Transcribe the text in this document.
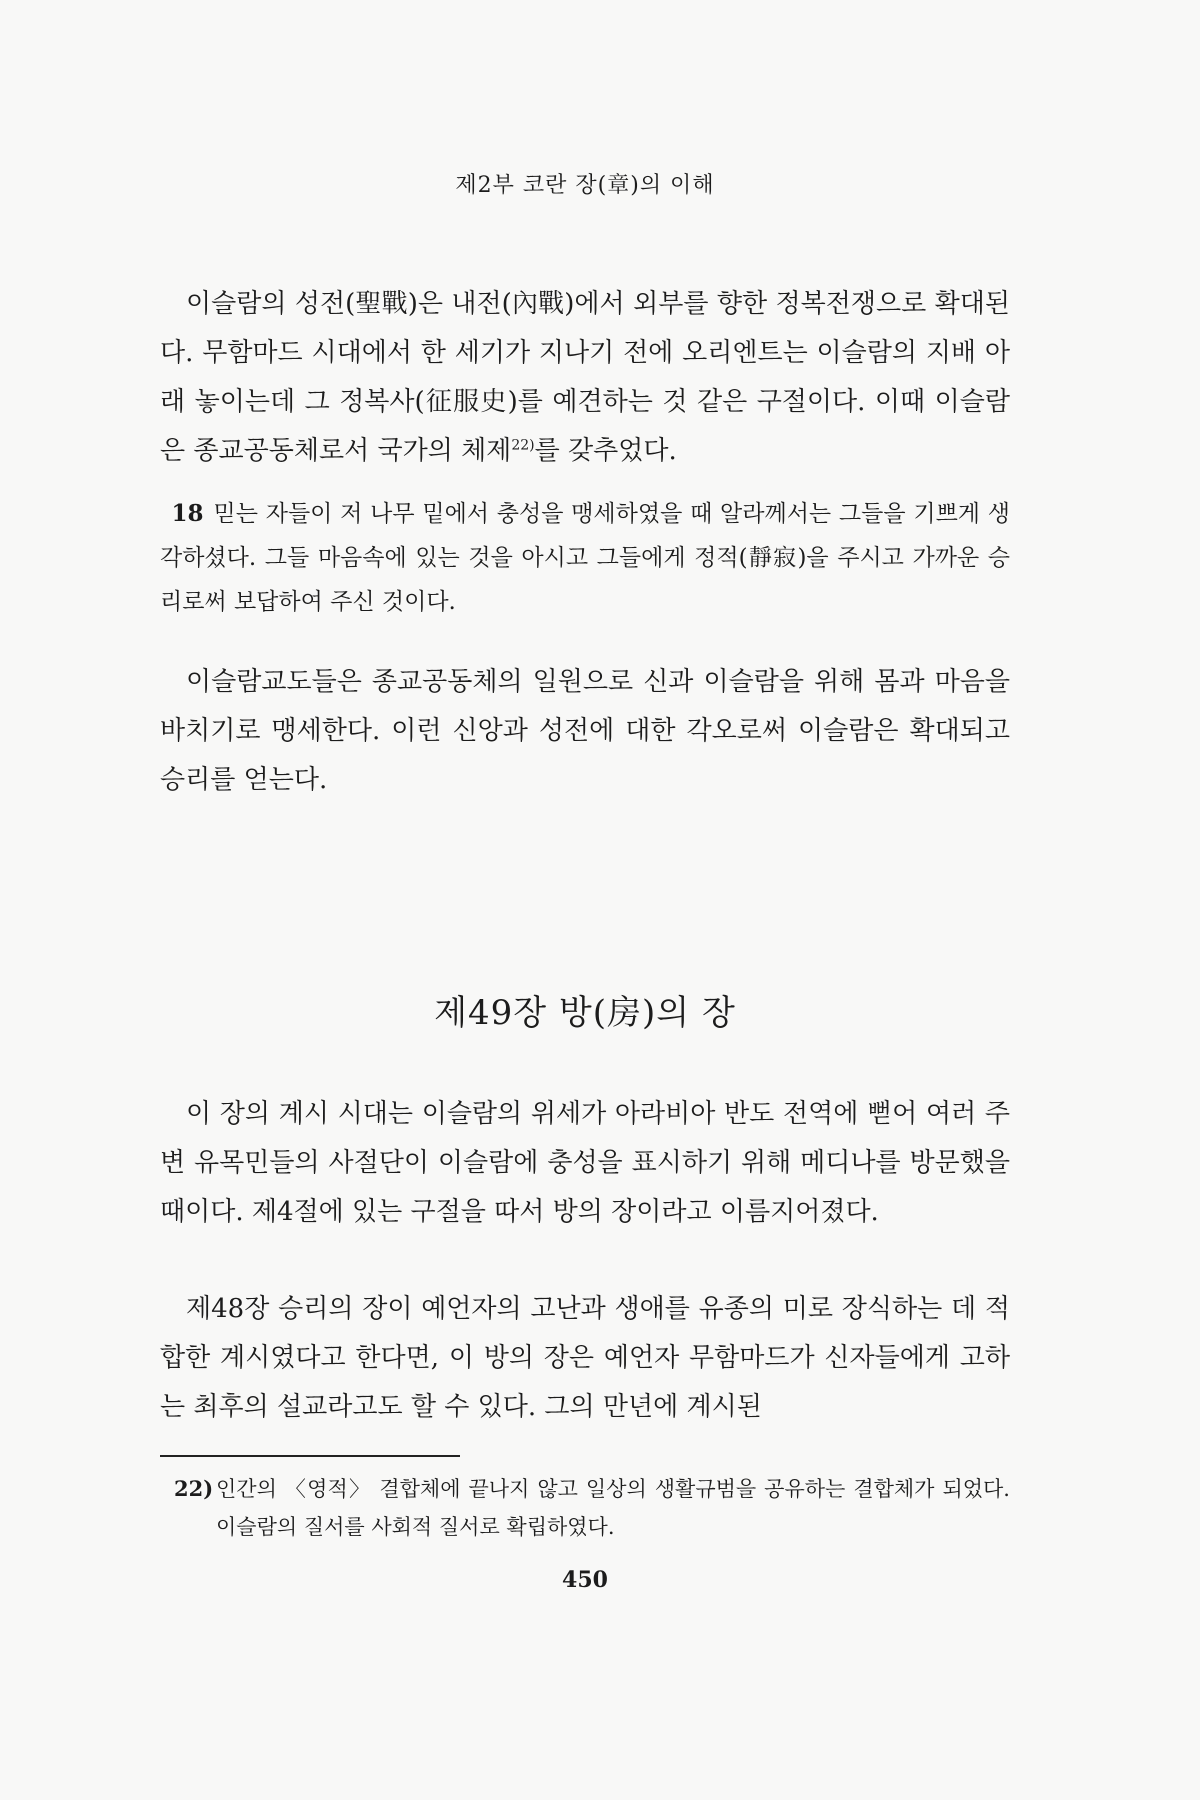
제2부 코란 장(章)의 이해

이슬람의 성전(聖戰)은 내전(內戰)에서 외부를 향한 정복전쟁으로 확대된다. 무함마드 시대에서 한 세기가 지나기 전에 오리엔트는 이슬람의 지배 아래 놓이는데 그 정복사(征服史)를 예견하는 것 같은 구절이다. 이때 이슬람은 종교공동체로서 국가의 체제$^{22)}$를 갖추었다.

18 믿는 자들이 저 나무 밑에서 충성을 맹세하였을 때 알라께서는 그들을 기쁘게 생각하셨다. 그들 마음속에 있는 것을 아시고 그들에게 정적(靜寂)을 주시고 가까운 승리로써 보답하여 주신 것이다.

이슬람교도들은 종교공동체의 일원으로 신과 이슬람을 위해 몸과 마음을 바치기로 맹세한다. 이런 신앙과 성전에 대한 각오로써 이슬람은 확대되고 승리를 얻는다.

제49장 방(房)의 장

이 장의 계시 시대는 이슬람의 위세가 아라비아 반도 전역에 뻗어 여러 주변 유목민들의 사절단이 이슬람에 충성을 표시하기 위해 메디나를 방문했을 때이다. 제4절에 있는 구절을 따서 방의 장이라고 이름지어졌다.

제48장 승리의 장이 예언자의 고난과 생애를 유종의 미로 장식하는 데 적합한 계시였다고 한다면, 이 방의 장은 예언자 무함마드가 신자들에게 고하는 최후의 설교라고도 할 수 있다. 그의 만년에 계시된

22) 인간의 〈영적〉 결합체에 끝나지 않고 일상의 생활규범을 공유하는 결합체가 되었다. 이슬람의 질서를 사회적 질서로 확립하였다.

450
